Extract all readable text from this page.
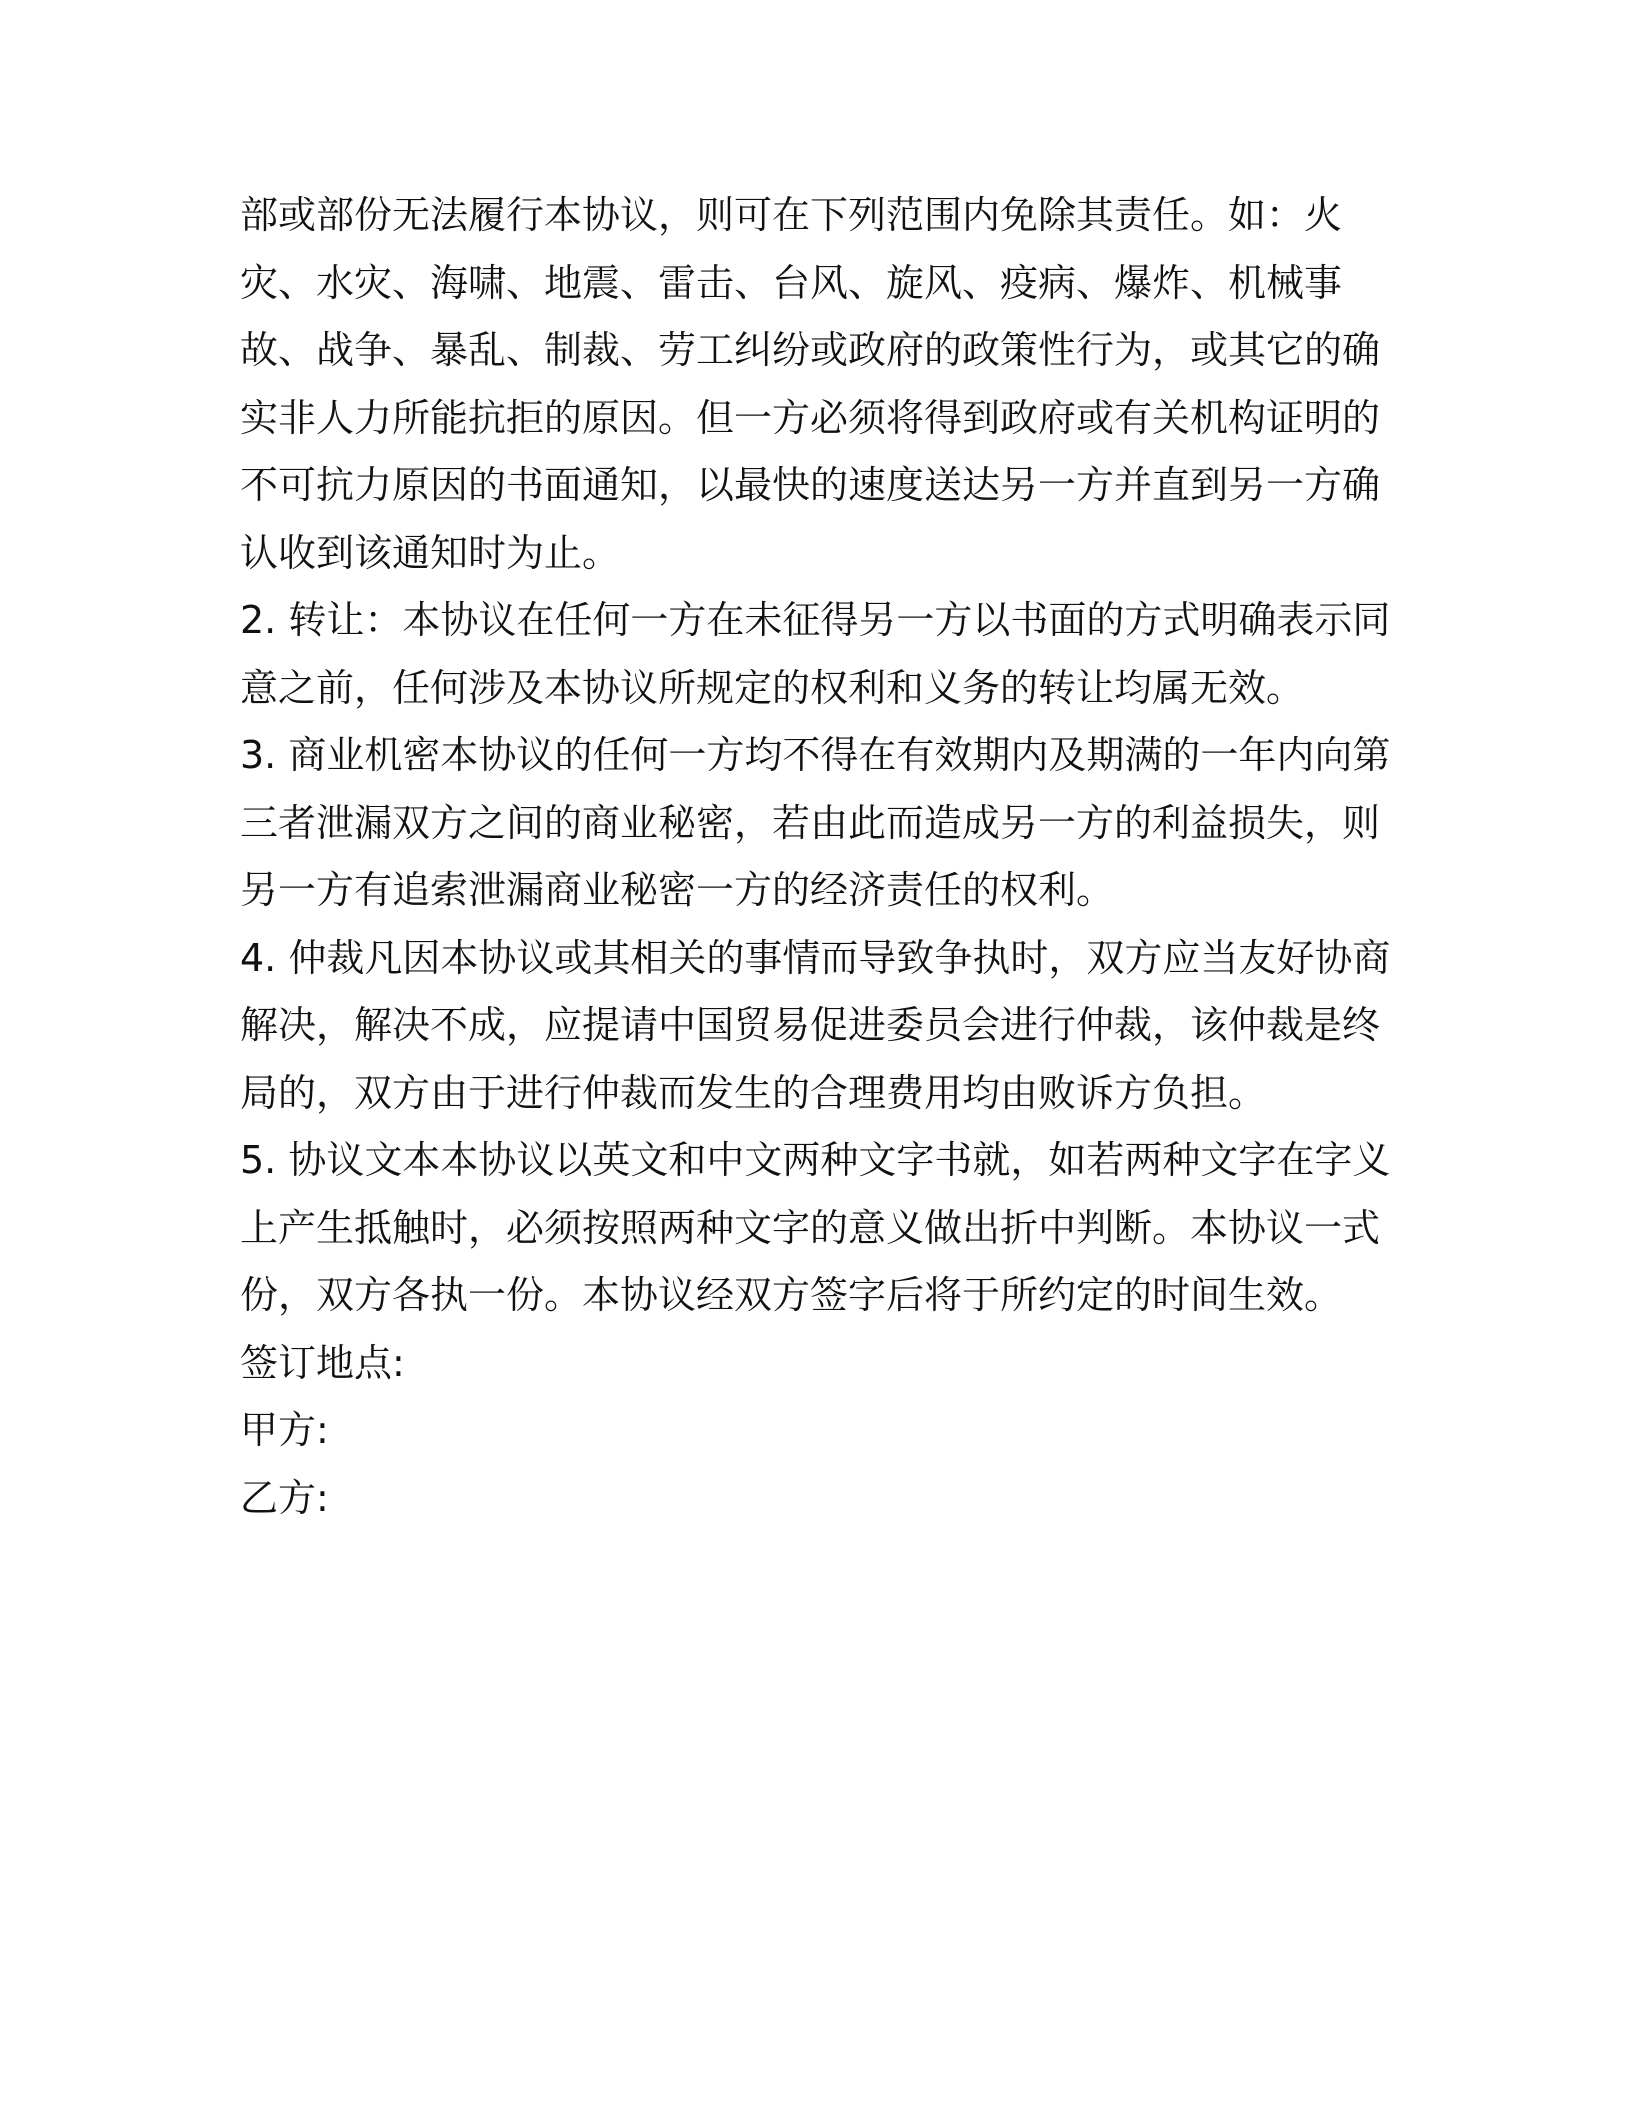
部或部份无法履行本协议，则可在下列范围内免除其责任。如：火灾、水灾、海啸、地震、雷击、台风、旋风、疫病、爆炸、机械事故、战争、暴乱、制裁、劳工纠纷或政府的政策性行为，或其它的确实非人力所能抗拒的原因。但一方必须将得到政府或有关机构证明的不可抗力原因的书面通知，以最快的速度送达另一方并直到另一方确认收到该通知时为止。

2. 转让：本协议在任何一方在未征得另一方以书面的方式明确表示同意之前，任何涉及本协议所规定的权利和义务的转让均属无效。

3. 商业机密本协议的任何一方均不得在有效期内及期满的一年内向第三者泄漏双方之间的商业秘密，若由此而造成另一方的利益损失，则另一方有追索泄漏商业秘密一方的经济责任的权利。

4. 仲裁凡因本协议或其相关的事情而导致争执时，双方应当友好协商解决，解决不成，应提请中国贸易促进委员会进行仲裁，该仲裁是终局的，双方由于进行仲裁而发生的合理费用均由败诉方负担。

5. 协议文本本协议以英文和中文两种文字书就，如若两种文字在字义上产生抵触时，必须按照两种文字的意义做出折中判断。本协议一式份，双方各执一份。本协议经双方签字后将于所约定的时间生效。

签订地点:

甲方:

乙方:
